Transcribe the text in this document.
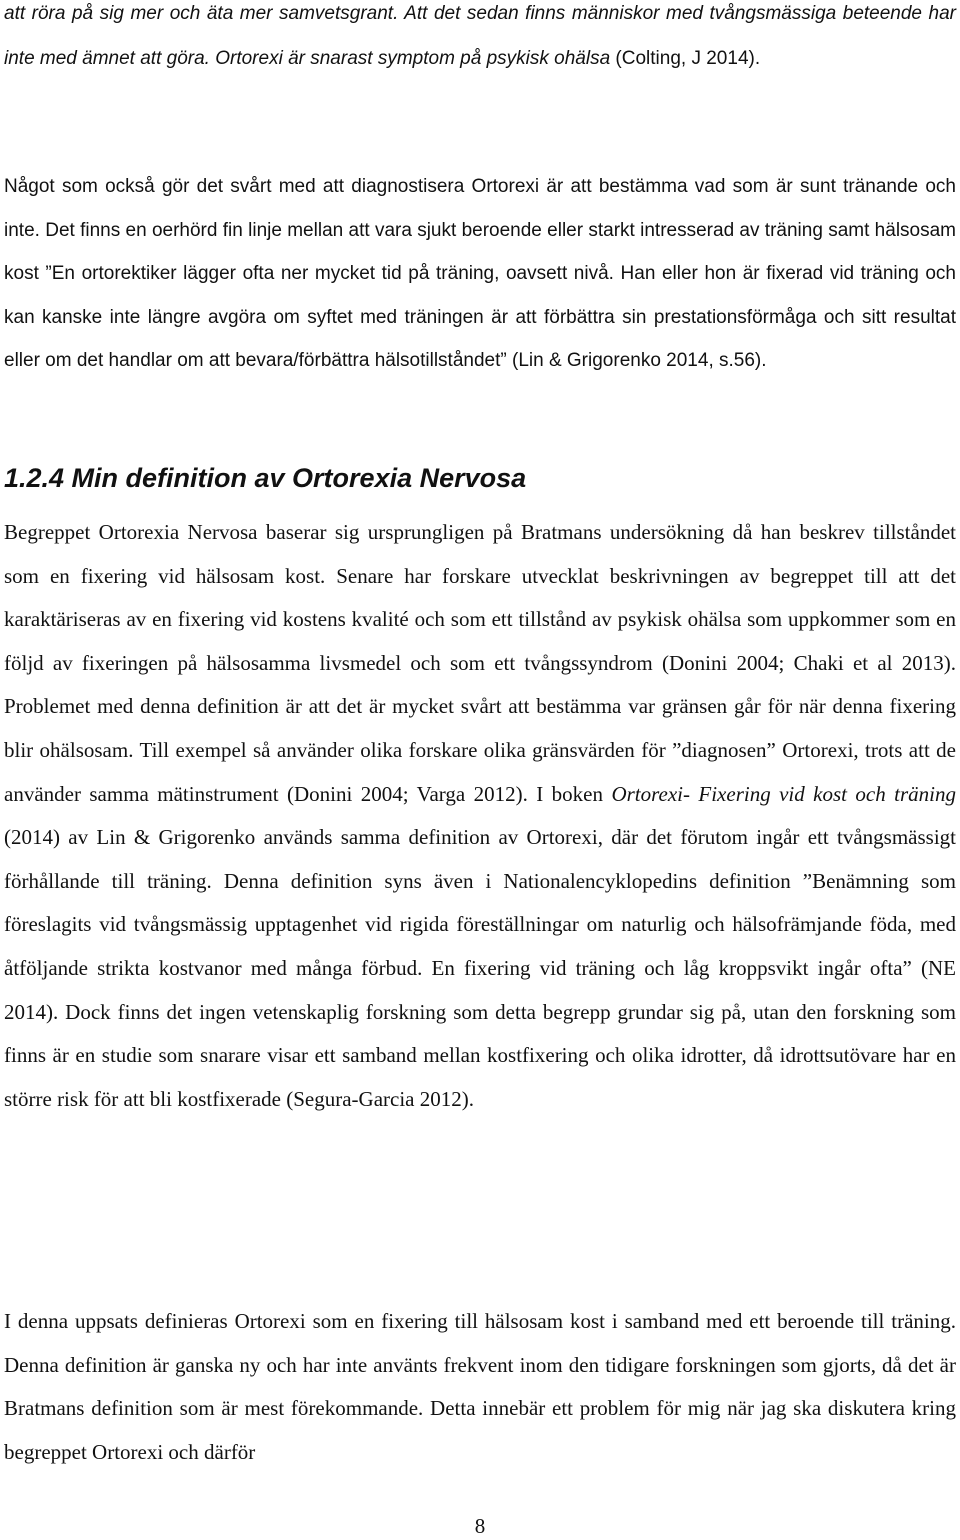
att röra på sig mer och äta mer samvetsgrant. Att det sedan finns människor med tvångsmässiga beteende har inte med ämnet att göra. Ortorexi är snarast symptom på psykisk ohälsa (Colting, J 2014).

Något som också gör det svårt med att diagnostisera Ortorexi är att bestämma vad som är sunt tränande och inte. Det finns en oerhörd fin linje mellan att vara sjukt beroende eller starkt intresserad av träning samt hälsosam kost ”En ortorektiker lägger ofta ner mycket tid på träning, oavsett nivå. Han eller hon är fixerad vid träning och kan kanske inte längre avgöra om syftet med träningen är att förbättra sin prestationsförmåga och sitt resultat eller om det handlar om att bevara/förbättra hälsotillståndet” (Lin & Grigorenko 2014, s.56).

1.2.4 Min definition av Ortorexia Nervosa

Begreppet Ortorexia Nervosa baserar sig ursprungligen på Bratmans undersökning då han beskrev tillståndet som en fixering vid hälsosam kost. Senare har forskare utvecklat beskrivningen av begreppet till att det karaktäriseras av en fixering vid kostens kvalité och som ett tillstånd av psykisk ohälsa som uppkommer som en följd av fixeringen på hälsosamma livsmedel och som ett tvångssyndrom (Donini 2004; Chaki et al 2013). Problemet med denna definition är att det är mycket svårt att bestämma var gränsen går för när denna fixering blir ohälsosam. Till exempel så använder olika forskare olika gränsvärden för ”diagnosen” Ortorexi, trots att de använder samma mätinstrument (Donini 2004; Varga 2012). I boken Ortorexi- Fixering vid kost och träning (2014) av Lin & Grigorenko används samma definition av Ortorexi, där det förutom ingår ett tvångsmässigt förhållande till träning. Denna definition syns även i Nationalencyklopedins definition ”Benämning som föreslagits vid tvångsmässig upptagenhet vid rigida föreställningar om naturlig och hälsofrämjande föda, med åtföljande strikta kostvanor med många förbud. En fixering vid träning och låg kroppsvikt ingår ofta” (NE 2014). Dock finns det ingen vetenskaplig forskning som detta begrepp grundar sig på, utan den forskning som finns är en studie som snarare visar ett samband mellan kostfixering och olika idrotter, då idrottsutövare har en större risk för att bli kostfixerade (Segura-Garcia 2012).

I denna uppsats definieras Ortorexi som en fixering till hälsosam kost i samband med ett beroende till träning. Denna definition är ganska ny och har inte använts frekvent inom den tidigare forskningen som gjorts, då det är Bratmans definition som är mest förekommande. Detta innebär ett problem för mig när jag ska diskutera kring begreppet Ortorexi och därför

8
